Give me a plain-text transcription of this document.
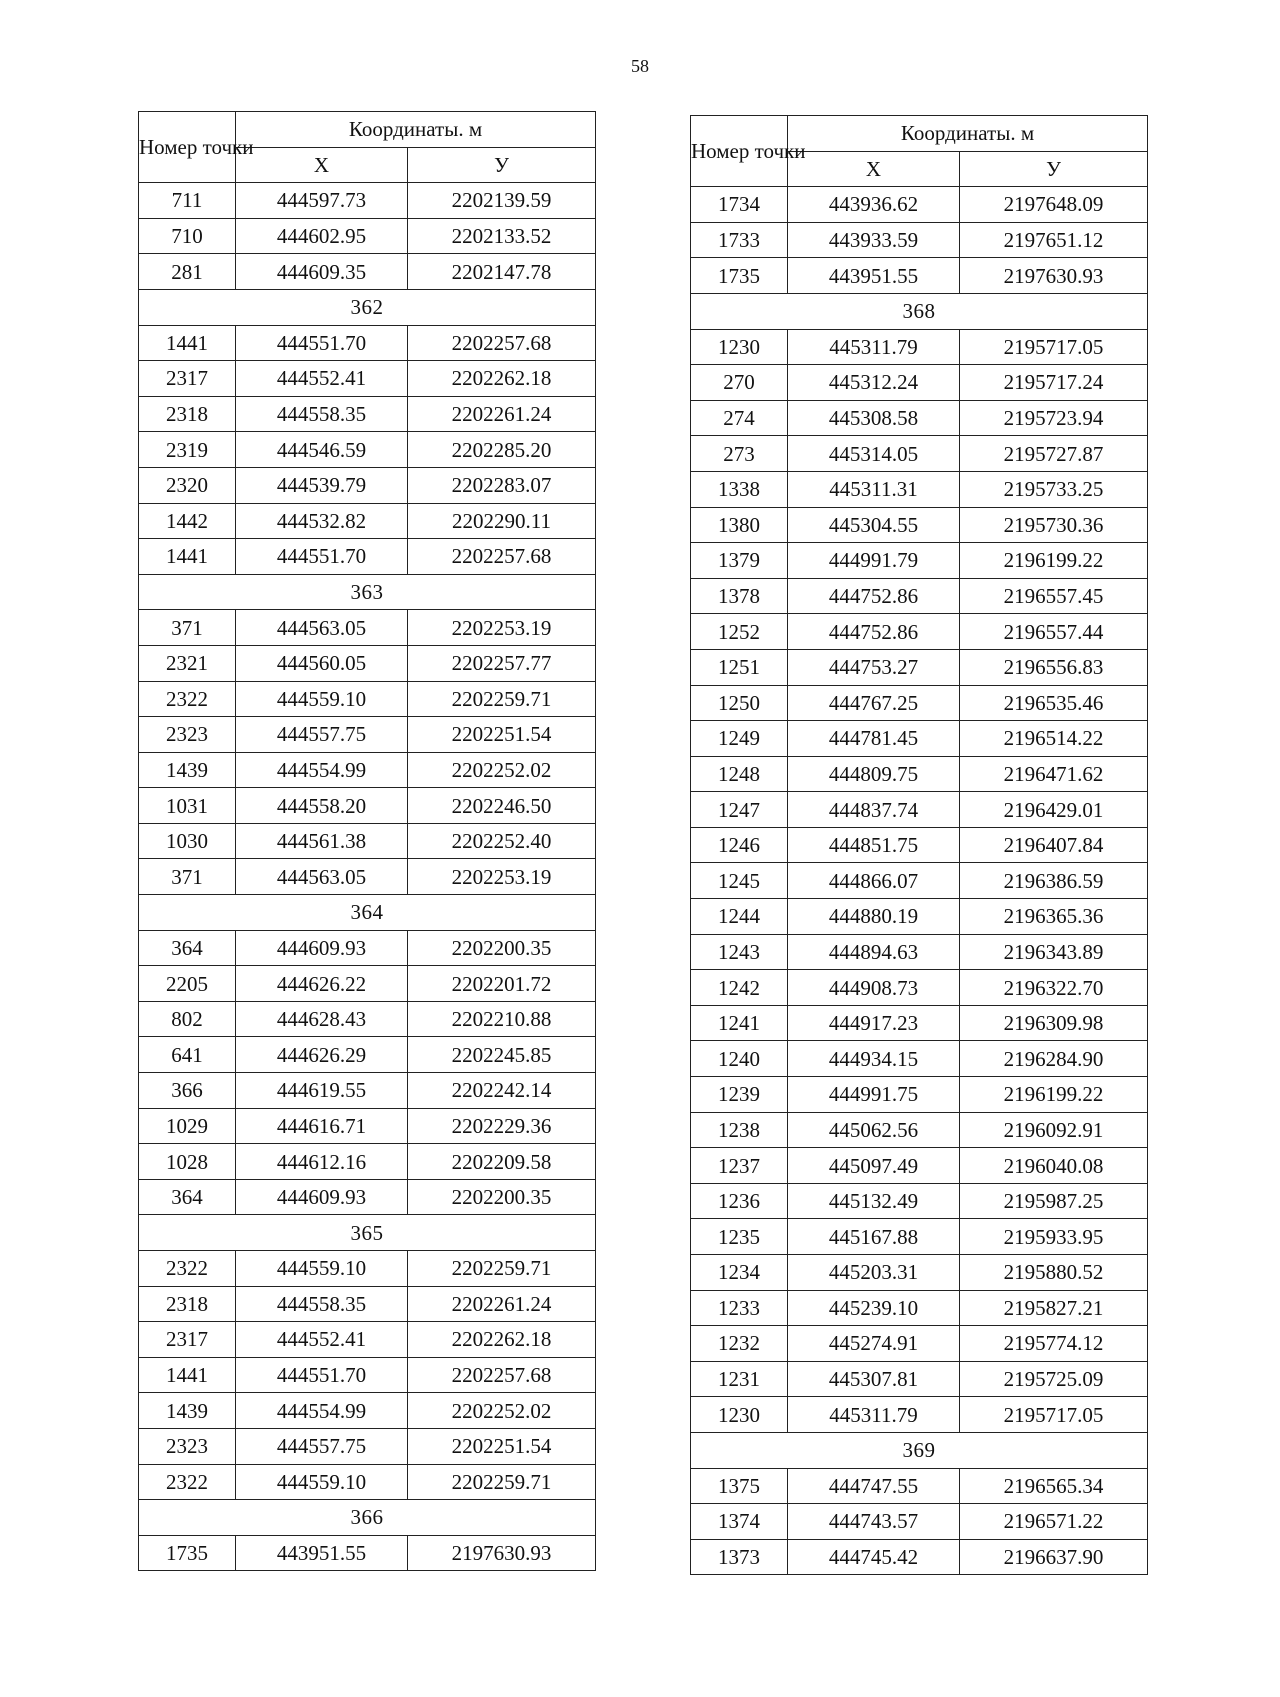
58
Номер точки	Координаты. м	
	X	У
711	444597.73	2202139.59
710	444602.95	2202133.52
281	444609.35	2202147.78
362		
1441	444551.70	2202257.68
2317	444552.41	2202262.18
2318	444558.35	2202261.24
2319	444546.59	2202285.20
2320	444539.79	2202283.07
1442	444532.82	2202290.11
1441	444551.70	2202257.68
363		
371	444563.05	2202253.19
2321	444560.05	2202257.77
2322	444559.10	2202259.71
2323	444557.75	2202251.54
1439	444554.99	2202252.02
1031	444558.20	2202246.50
1030	444561.38	2202252.40
371	444563.05	2202253.19
364		
364	444609.93	2202200.35
2205	444626.22	2202201.72
802	444628.43	2202210.88
641	444626.29	2202245.85
366	444619.55	2202242.14
1029	444616.71	2202229.36
1028	444612.16	2202209.58
364	444609.93	2202200.35
365		
2322	444559.10	2202259.71
2318	444558.35	2202261.24
2317	444552.41	2202262.18
1441	444551.70	2202257.68
1439	444554.99	2202252.02
2323	444557.75	2202251.54
2322	444559.10	2202259.71
366		
1735	443951.55	2197630.93
Номер точки	Координаты. м	
	X	У
1734	443936.62	2197648.09
1733	443933.59	2197651.12
1735	443951.55	2197630.93
368		
1230	445311.79	2195717.05
270	445312.24	2195717.24
274	445308.58	2195723.94
273	445314.05	2195727.87
1338	445311.31	2195733.25
1380	445304.55	2195730.36
1379	444991.79	2196199.22
1378	444752.86	2196557.45
1252	444752.86	2196557.44
1251	444753.27	2196556.83
1250	444767.25	2196535.46
1249	444781.45	2196514.22
1248	444809.75	2196471.62
1247	444837.74	2196429.01
1246	444851.75	2196407.84
1245	444866.07	2196386.59
1244	444880.19	2196365.36
1243	444894.63	2196343.89
1242	444908.73	2196322.70
1241	444917.23	2196309.98
1240	444934.15	2196284.90
1239	444991.75	2196199.22
1238	445062.56	2196092.91
1237	445097.49	2196040.08
1236	445132.49	2195987.25
1235	445167.88	2195933.95
1234	445203.31	2195880.52
1233	445239.10	2195827.21
1232	445274.91	2195774.12
1231	445307.81	2195725.09
1230	445311.79	2195717.05
369		
1375	444747.55	2196565.34
1374	444743.57	2196571.22
1373	444745.42	2196637.90
